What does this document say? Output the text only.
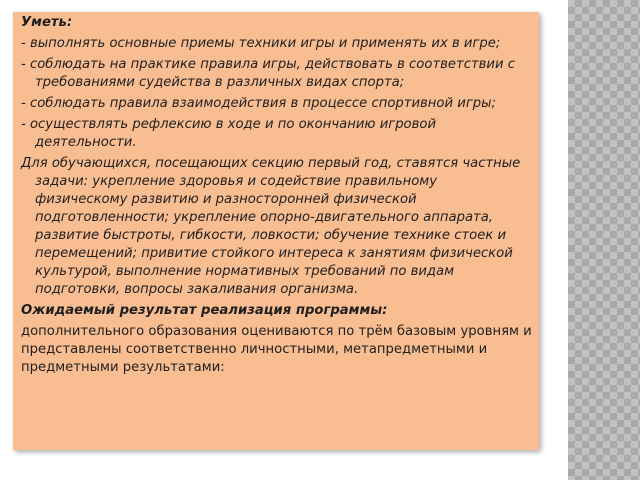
Уметь:

- выполнять основные приемы техники игры и применять их в игре;

- соблюдать на практике правила игры, действовать в соответствии с требованиями судейства в различных видах спорта;

- соблюдать правила взаимодействия в процессе спортивной игры;

- осуществлять рефлексию в ходе и по окончанию игровой деятельности.

Для обучающихся, посещающих секцию первый год, ставятся частные задачи: укрепление здоровья и содействие правильному физическому развитию и разносторонней физической подготовленности; укрепление опорно-двигательного аппарата, развитие быстроты, гибкости, ловкости; обучение технике стоек и перемещений; привитие стойкого интереса к занятиям физической культурой, выполнение нормативных требований по видам подготовки, вопросы закаливания организма.

Ожидаемый результат реализация программы:

дополнительного образования оцениваются по трём базовым уровням и представлены соответственно личностными, метапредметными и предметными результатами:
